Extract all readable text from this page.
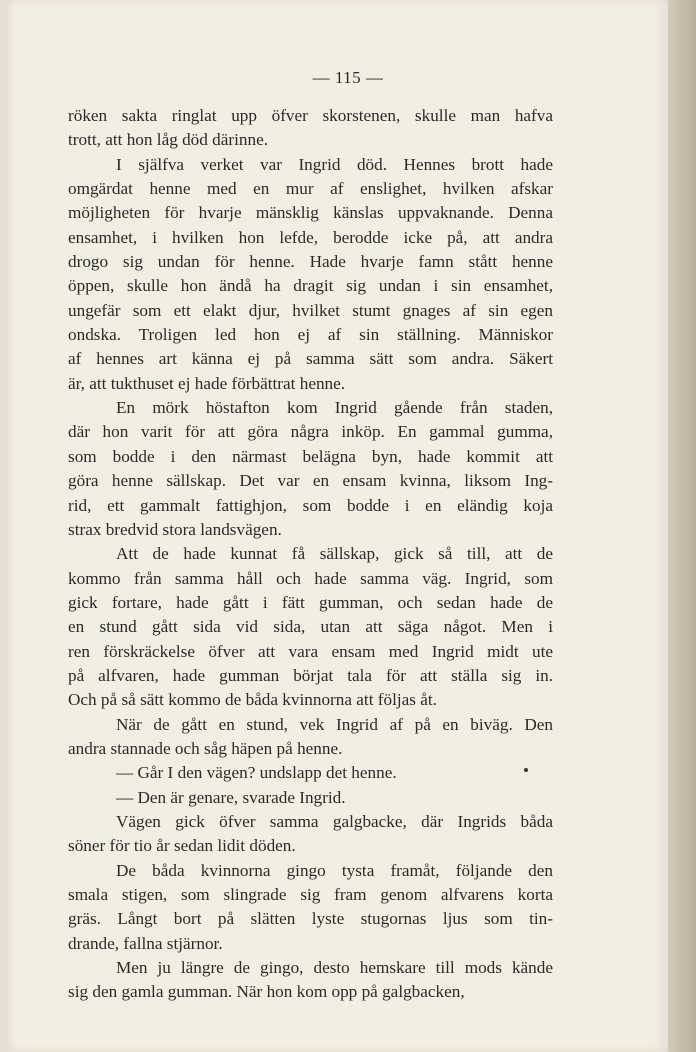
— 115 —
röken sakta ringlat upp öfver skorstenen, skulle man hafva
trott, att hon låg död därinne.
I själfva verket var Ingrid död. Hennes brott hade
omgärdat henne med en mur af enslighet, hvilken afskar
möjligheten för hvarje mänsklig känslas uppvaknande. Denna
ensamhet, i hvilken hon lefde, berodde icke på, att andra
drogo sig undan för henne. Hade hvarje famn stått henne
öppen, skulle hon ändå ha dragit sig undan i sin ensamhet,
ungefär som ett elakt djur, hvilket stumt gnages af sin egen
ondska. Troligen led hon ej af sin ställning. Människor
af hennes art känna ej på samma sätt som andra. Säkert
är, att tukthuset ej hade förbättrat henne.
En mörk höstafton kom Ingrid gående från staden,
där hon varit för att göra några inköp. En gammal gumma,
som bodde i den närmast belägna byn, hade kommit att
göra henne sällskap. Det var en ensam kvinna, liksom Ing-
rid, ett gammalt fattighjon, som bodde i en eländig koja
strax bredvid stora landsvägen.
Att de hade kunnat få sällskap, gick så till, att de
kommo från samma håll och hade samma väg. Ingrid, som
gick fortare, hade gått i fätt gumman, och sedan hade de
en stund gått sida vid sida, utan att säga något. Men i
ren förskräckelse öfver att vara ensam med Ingrid midt ute
på alfvaren, hade gumman börjat tala för att ställa sig in.
Och på så sätt kommo de båda kvinnorna att följas åt.
När de gått en stund, vek Ingrid af på en biväg. Den
andra stannade och såg häpen på henne.
— Går I den vägen? undslapp det henne.
— Den är genare, svarade Ingrid.
Vägen gick öfver samma galgbacke, där Ingrids båda
söner för tio år sedan lidit döden.
De båda kvinnorna gingo tysta framåt, följande den
smala stigen, som slingrade sig fram genom alfvarens korta
gräs. Långt bort på slätten lyste stugornas ljus som tin-
drande, fallna stjärnor.
Men ju längre de gingo, desto hemskare till mods kände
sig den gamla gumman. När hon kom opp på galgbacken,
